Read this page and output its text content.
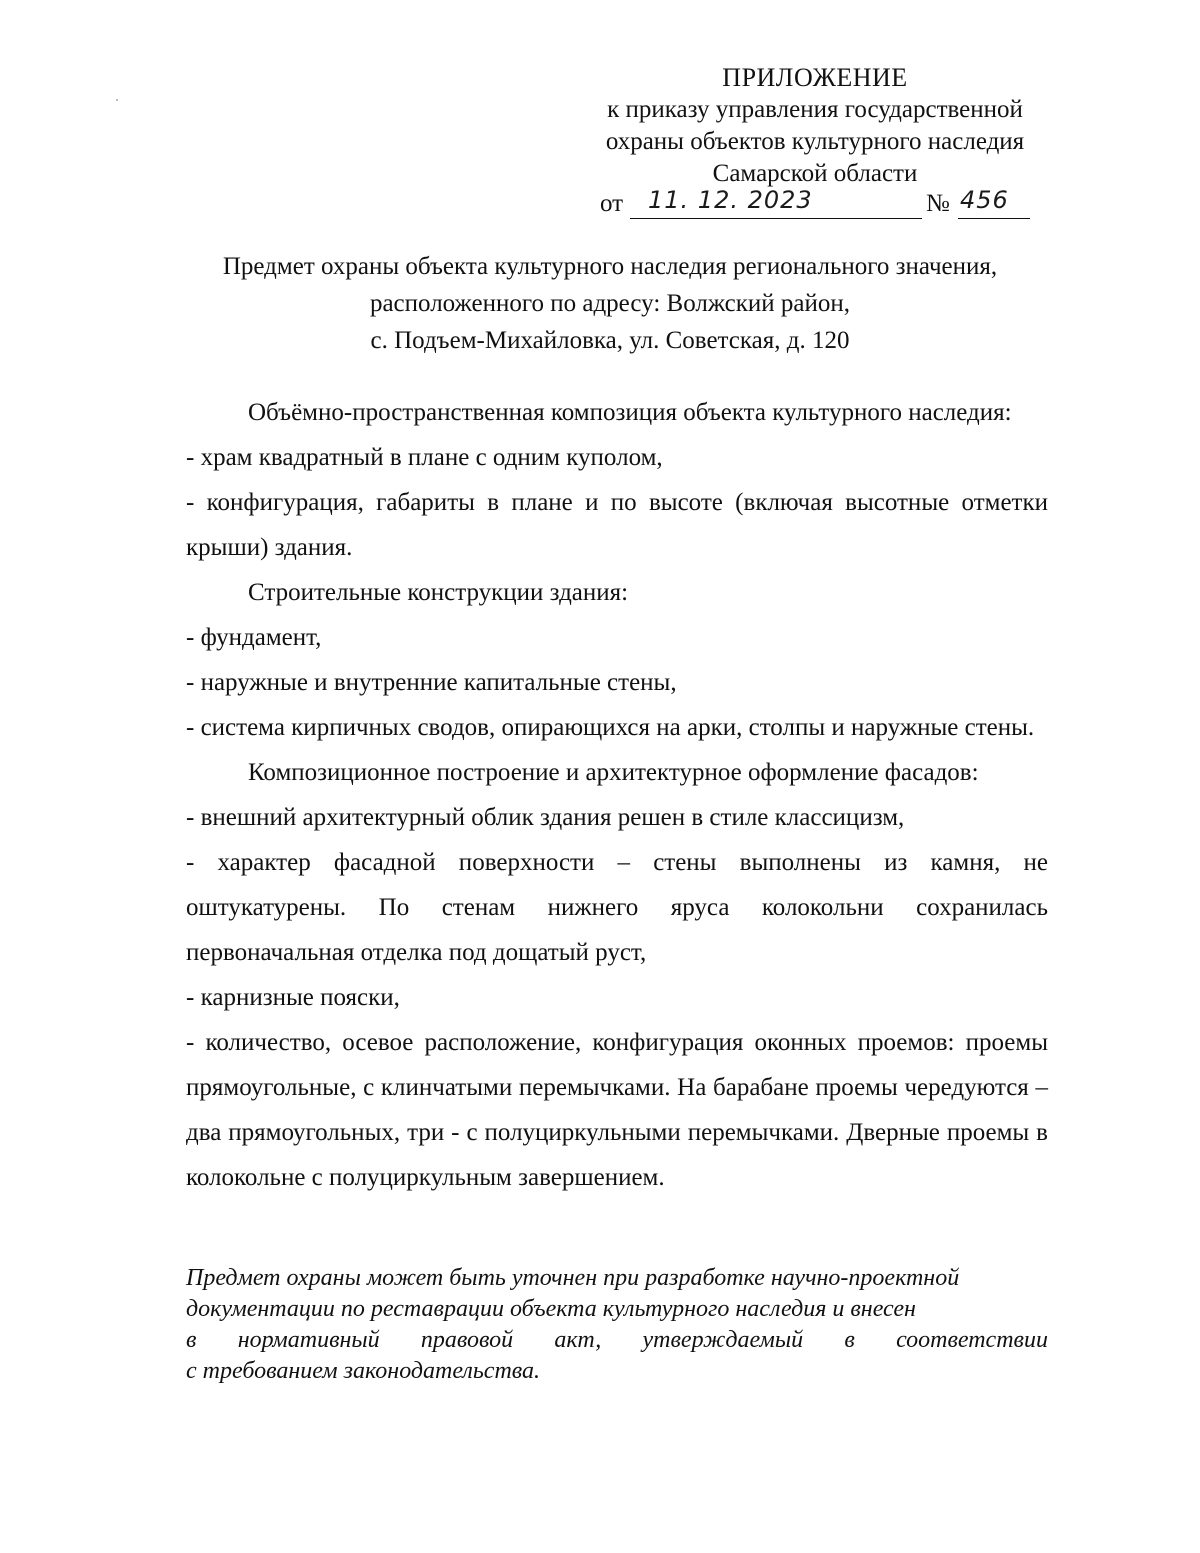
ПРИЛОЖЕНИЕ
к приказу управления государственной
охраны объектов культурного наследия
Самарской области
от 11. 12. 2023	№ 456
Предмет охраны объекта культурного наследия регионального значения,
расположенного по адресу: Волжский район,
с. Подъем-Михайловка, ул. Советская, д. 120

Объёмно-пространственная композиция объекта культурного наследия:

- храм квадратный в плане с одним куполом,

- конфигурация, габариты в плане и по высоте (включая высотные отметки крыши) здания.

Строительные конструкции здания:

- фундамент,

- наружные и внутренние капитальные стены,

- система кирпичных сводов, опирающихся на арки, столпы и наружные стены.

Композиционное построение и архитектурное оформление фасадов:

- внешний архитектурный облик здания решен в стиле классицизм,

- характер фасадной поверхности – стены выполнены из камня, не оштукатурены. По стенам нижнего яруса колокольни сохранилась первоначальная отделка под дощатый руст,

- карнизные пояски,

- количество, осевое расположение, конфигурация оконных проемов: проемы прямоугольные, с клинчатыми перемычками. На барабане проемы чередуются – два прямоугольных, три - с полуциркульными перемычками. Дверные проемы в колокольне с полуциркульным завершением.

Предмет охраны может быть уточнен при разработке научно-проектной
документации по реставрации объекта культурного наследия и внесен
в нормативный правовой акт, утверждаемый в соответствии
с требованием законодательства.
